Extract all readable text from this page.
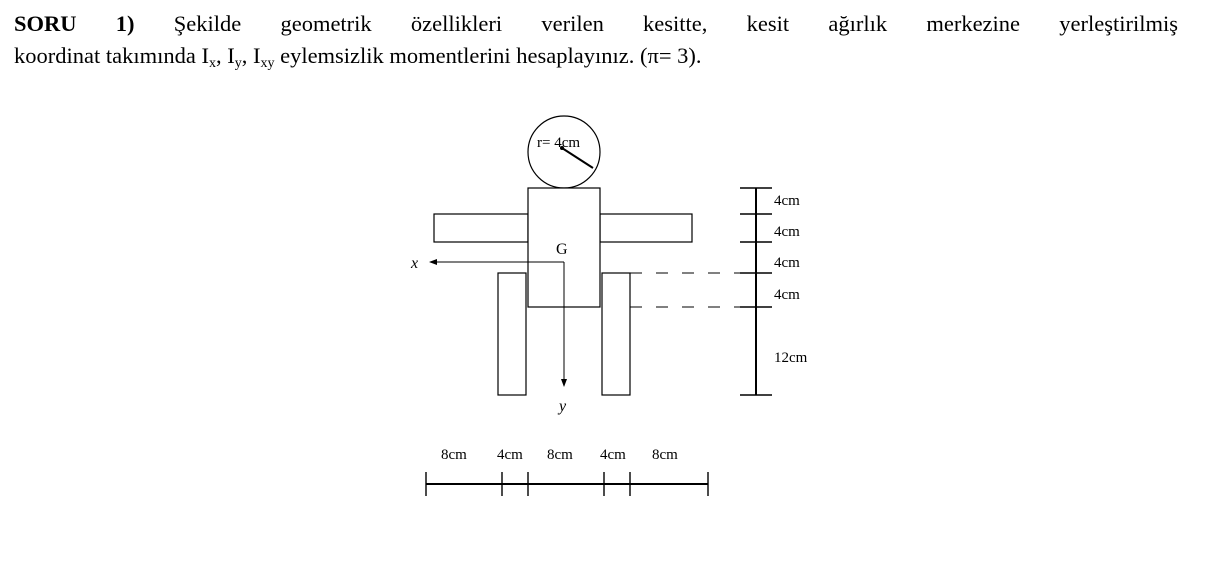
SORU 1) Şekilde geometrik özellikleri verilen kesitte, kesit ağırlık merkezine yerleştirilmiş
koordinat takımında $I_x$, $I_y$, $I_{xy}$ eylemsizlik momentlerini hesaplayınız. (π= 3).
r= 4cm
G
x
y
4cm
4cm
4cm
4cm
12cm
8cm 4cm 8cm 4cm 8cm
